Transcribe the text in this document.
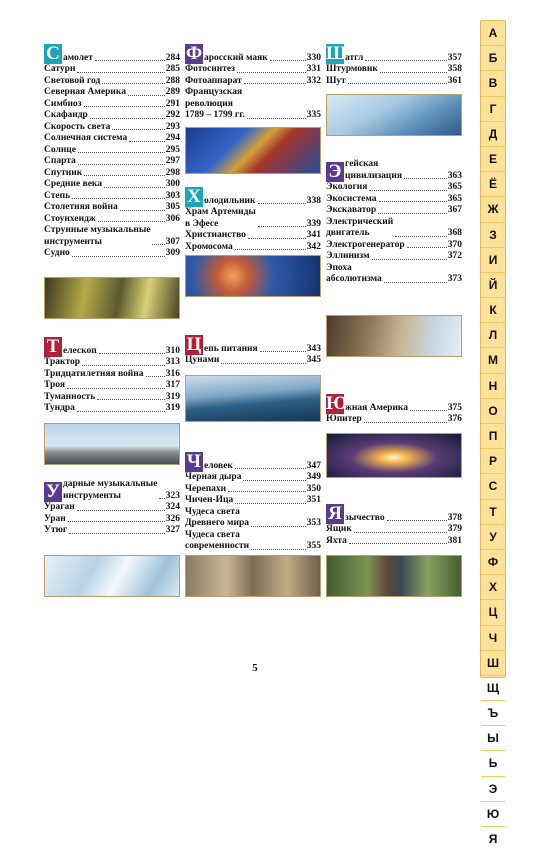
С амолет	284
Сатурн	285
Световой год	288
Северная Америка	289
Симбиоз	291
Скафандр	292
Скорость света	293
Солнечная система	294
Солнце	295
Спарта	297
Спутник	298
Средние века	300
Степь	303
Столетняя война	305
Стоунхендж	306
Струнные музыкальные
инструменты	307
Судно	309
Т елескоп	310
Трактор	313
Тридцатилетняя война 316
Троя	317
Туманность	319
Тундра	319
У дарные музыкальные
инструменты	323
Ураган	324
Уран	326
Утюг	327
Ф аросский маяк	330
Фотосинтез	331
Фотоаппарат	332
Французская
революция
1789 – 1799 гг.	335
Х олодильник	338
Храм Артемиды
в Эфесе	339
Христианство	341
Хромосома	342
Ц епь питания	343
Цунами	345
Ч еловек	347
Черная дыра	349
Черепахи	350
Чичен-Ица	351
Чудеса света
Древнего мира	353
Чудеса света
современности	355
Ш
атгл	357
Штурмовик	358
Шут	361
Э гейская
цивилизация	363
Экология	365
Экосистема	365
Экскаватор	367
Электрический
двигатель	368
Электрогенератор	370
Эллинизм	372
Эпоха
абсолютизма	373
Ю
жная Америка	375
Юпитер	376
Я зычество	378
Ящик	379
Яхта	381
А
Б
В
Г
Д
Е
Ё
Ж
З
И
Й
К
Л
М
Н
О
П
Р
С
Т
У
Ф
Х
Ц
Ч
Ш
Щ
Ъ
Ы
Ь
Э
Ю
Я
5
